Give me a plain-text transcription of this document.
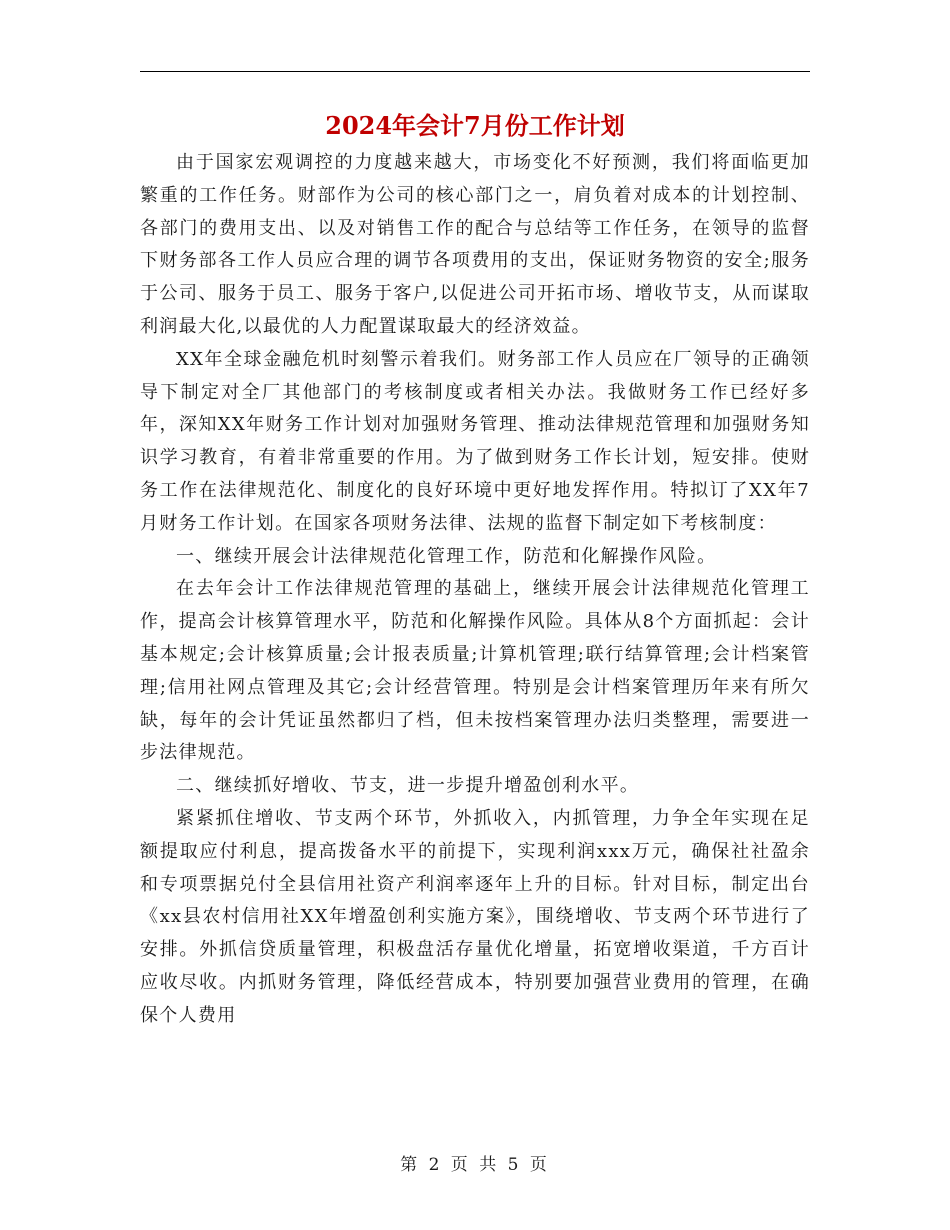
2024年会计7月份工作计划

由于国家宏观调控的力度越来越大，市场变化不好预测，我们将面临更加繁重的工作任务。财部作为公司的核心部门之一，肩负着对成本的计划控制、各部门的费用支出、以及对销售工作的配合与总结等工作任务，在领导的监督下财务部各工作人员应合理的调节各项费用的支出，保证财务物资的安全;服务于公司、服务于员工、服务于客户,以促进公司开拓市场、增收节支，从而谋取利润最大化,以最优的人力配置谋取最大的经济效益。

XX年全球金融危机时刻警示着我们。财务部工作人员应在厂领导的正确领导下制定对全厂其他部门的考核制度或者相关办法。我做财务工作已经好多年，深知XX年财务工作计划对加强财务管理、推动法律规范管理和加强财务知识学习教育，有着非常重要的作用。为了做到财务工作长计划，短安排。使财务工作在法律规范化、制度化的良好环境中更好地发挥作用。特拟订了XX年7月财务工作计划。在国家各项财务法律、法规的监督下制定如下考核制度：

一、继续开展会计法律规范化管理工作，防范和化解操作风险。

在去年会计工作法律规范管理的基础上，继续开展会计法律规范化管理工作，提高会计核算管理水平，防范和化解操作风险。具体从8个方面抓起：会计基本规定;会计核算质量;会计报表质量;计算机管理;联行结算管理;会计档案管理;信用社网点管理及其它;会计经营管理。特别是会计档案管理历年来有所欠缺，每年的会计凭证虽然都归了档，但未按档案管理办法归类整理，需要进一步法律规范。

二、继续抓好增收、节支，进一步提升增盈创利水平。

紧紧抓住增收、节支两个环节，外抓收入，内抓管理，力争全年实现在足额提取应付利息，提高拨备水平的前提下，实现利润xxx万元，确保社社盈余和专项票据兑付全县信用社资产利润率逐年上升的目标。针对目标，制定出台《xx县农村信用社XX年增盈创利实施方案》，围绕增收、节支两个环节进行了安排。外抓信贷质量管理，积极盘活存量优化增量，拓宽增收渠道，千方百计应收尽收。内抓财务管理，降低经营成本，特别要加强营业费用的管理，在确保个人费用

第 2 页 共 5 页
